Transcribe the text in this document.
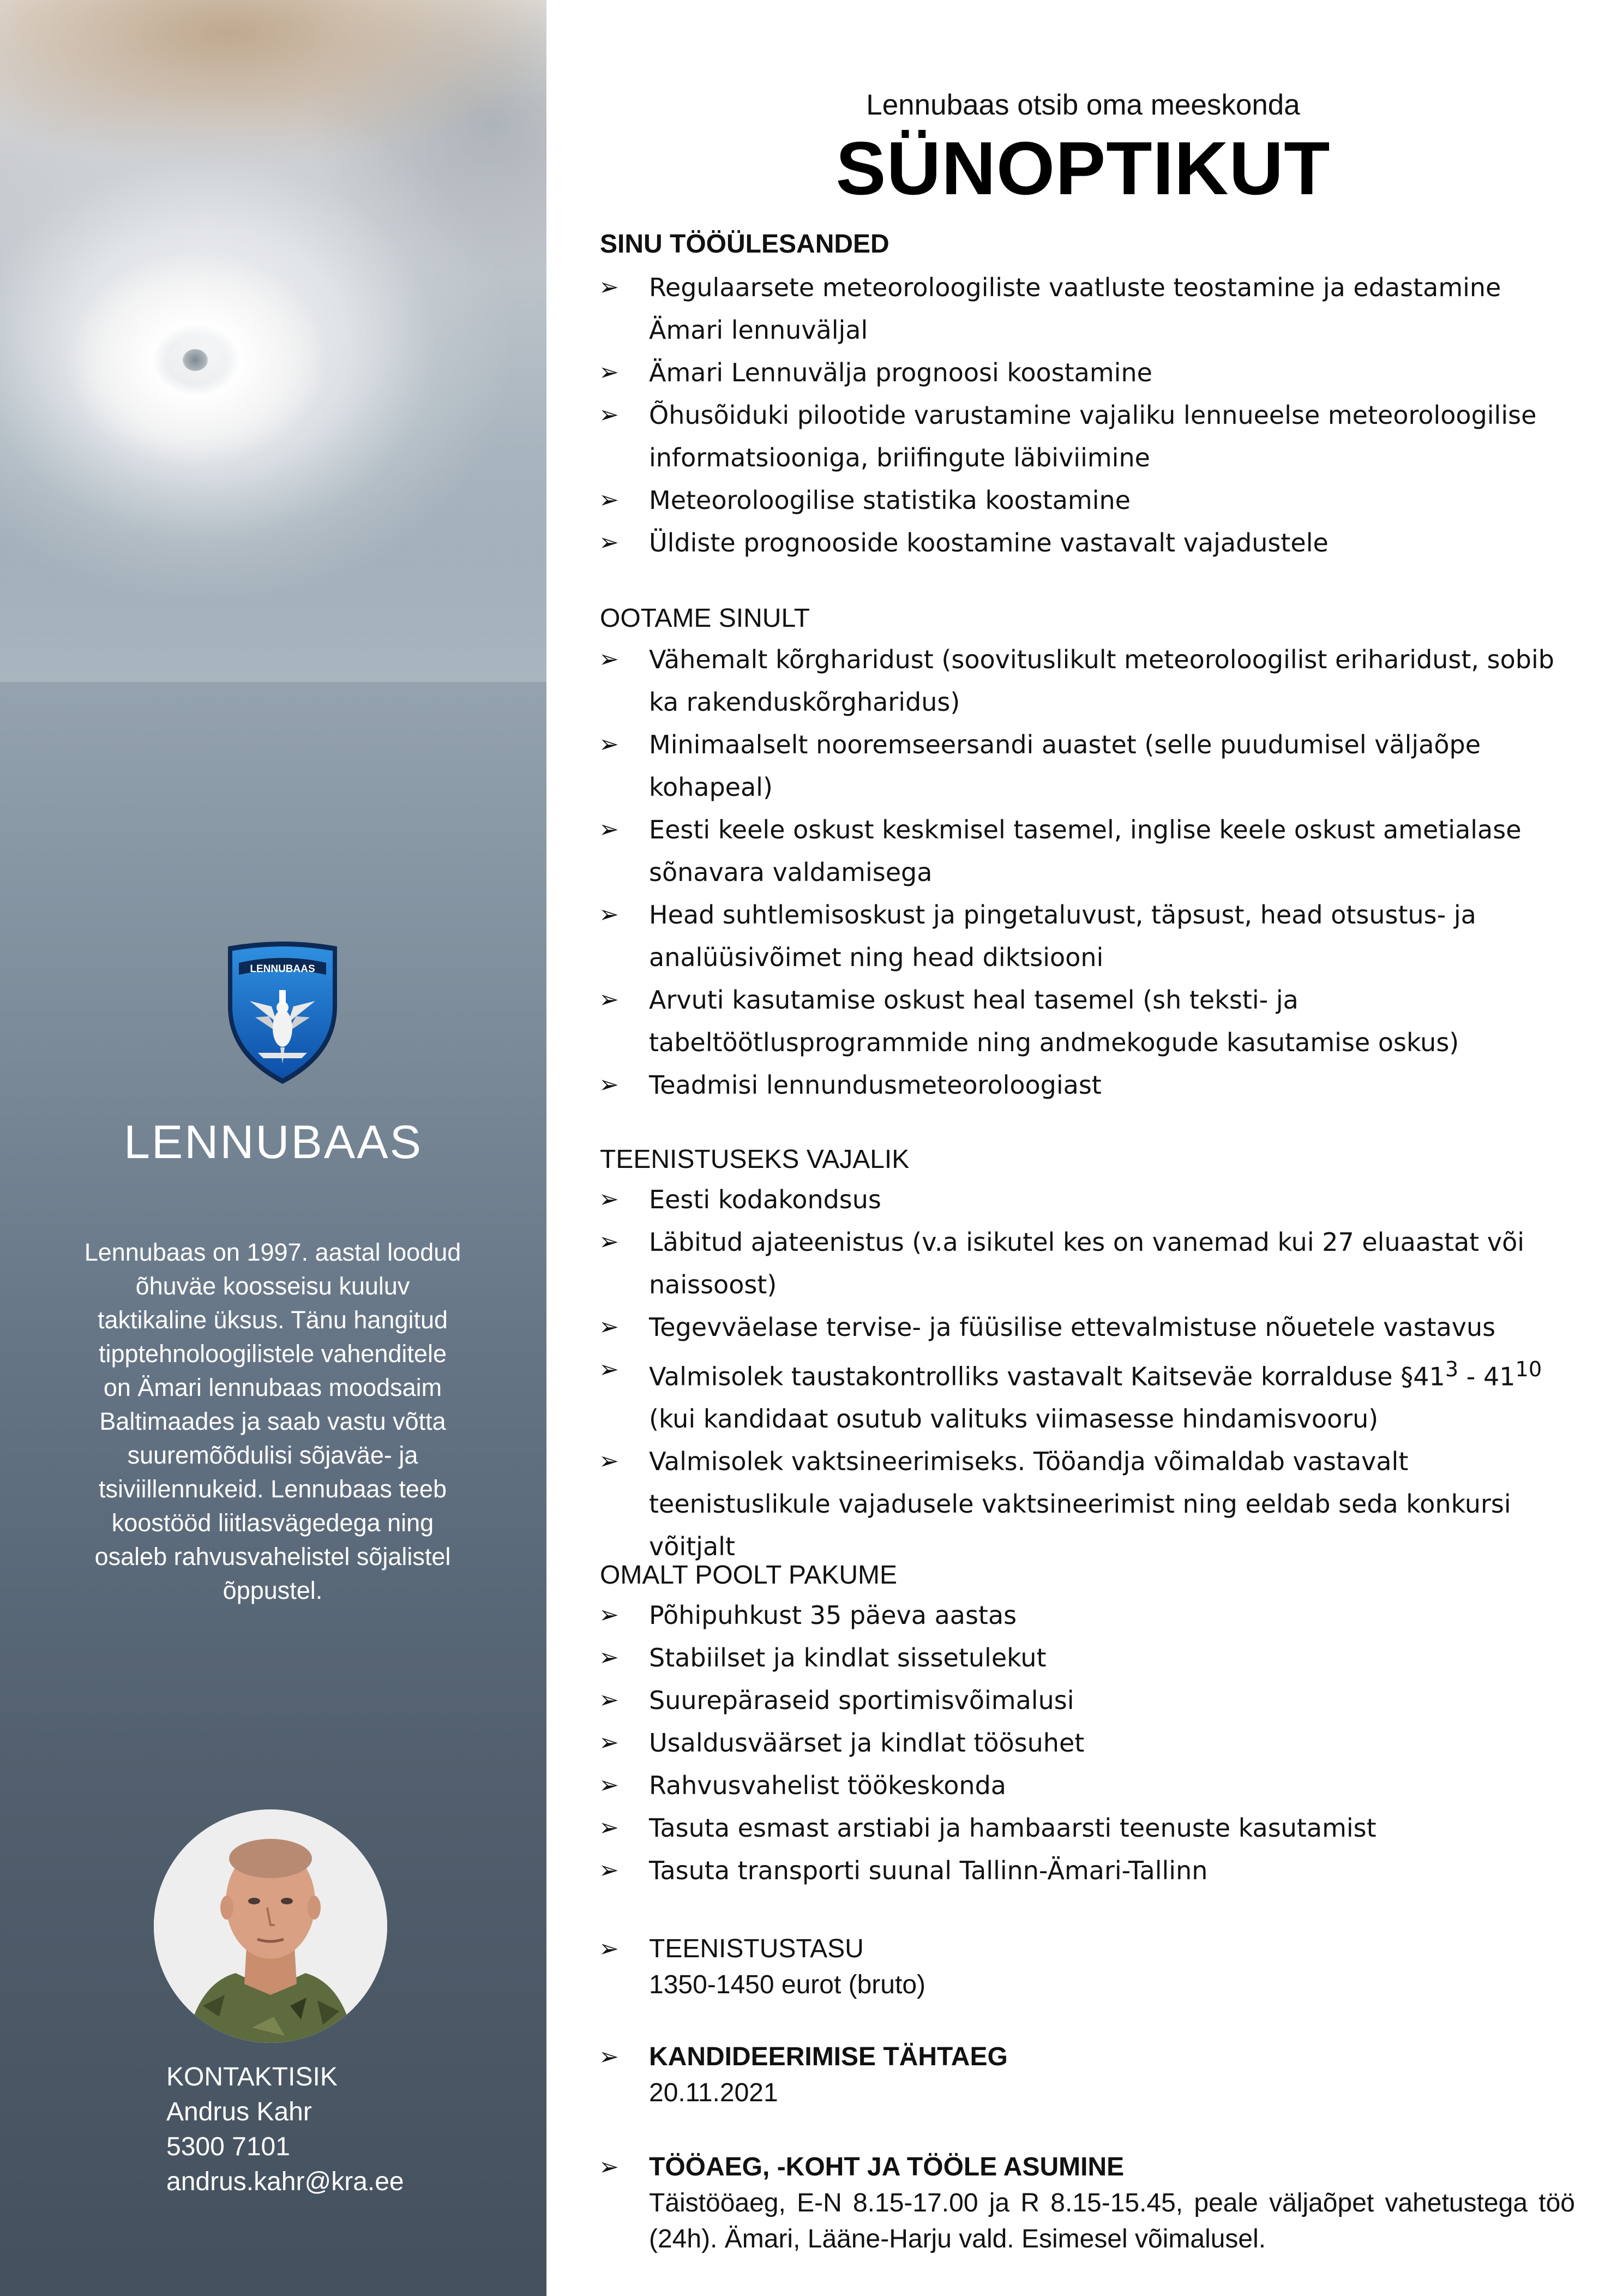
LENNUBAAS
LENNUBAAS
Lennubaas on 1997. aastal loodud õhuväe koosseisu kuuluv taktikaline üksus. Tänu hangitud tipptehnoloogilistele vahenditele on Ämari lennubaas moodsaim Baltimaades ja saab vastu võtta suuremõõdulisi sõjaväe- ja tsiviillennukeid. Lennubaas teeb koostööd liitlasvägedega ning osaleb rahvusvahelistel sõjalistel õppustel.
KONTAKTISIK
Andrus Kahr
5300 7101
andrus.kahr@kra.ee
Lennubaas otsib oma meeskonda
SÜNOPTIKUT
SINU TÖÖÜLESANDED
➢	Regulaarsete meteoroloogiliste vaatluste teostamine ja edastamine Ämari lennuväljal
➢	Ämari Lennuvälja prognoosi koostamine
➢	Õhusõiduki pilootide varustamine vajaliku lennueelse meteoroloogilise informatsiooniga, briifingute läbiviimine
➢	Meteoroloogilise statistika koostamine
➢	Üldiste prognooside koostamine vastavalt vajadustele
OOTAME SINULT
➢	Vähemalt kõrgharidust (soovituslikult meteoroloogilist eriharidust, sobib ka rakenduskõrgharidus)
➢	Minimaalselt nooremseersandi auastet (selle puudumisel väljaõpe kohapeal)
➢	Eesti keele oskust keskmisel tasemel, inglise keele oskust ametialase sõnavara valdamisega
➢	Head suhtlemisoskust ja pingetaluvust, täpsust, head otsustus- ja analüüsivõimet ning head diktsiooni
➢	Arvuti kasutamise oskust heal tasemel (sh teksti- ja tabeltöötlusprogrammide ning andmekogude kasutamise oskus)
➢	Teadmisi lennundusmeteoroloogiast
TEENISTUSEKS VAJALIK
➢	Eesti kodakondsus
➢	Läbitud ajateenistus (v.a isikutel kes on vanemad kui 27 eluaastat või naissoost)
➢	Tegevväelase tervise- ja füüsilise ettevalmistuse nõuetele vastavus
➢	Valmisolek taustakontrolliks vastavalt Kaitseväe korralduse $\S 41^3 - 41^{10}$ (kui kandidaat osutub valituks viimasesse hindamisvooru)
➢	Valmisolek vaktsineerimiseks. Tööandja võimaldab vastavalt teenistuslikule vajadusele vaktsineerimist ning eeldab seda konkursi võitjalt
OMALT POOLT PAKUME
➢	Põhipuhkust 35 päeva aastas
➢	Stabiilset ja kindlat sissetulekut
➢	Suurepäraseid sportimisvõimalusi
➢	Usaldusväärset ja kindlat töösuhet
➢	Rahvusvahelist töökeskonda
➢	Tasuta esmast arstiabi ja hambaarsti teenuste kasutamist
➢	Tasuta transporti suunal Tallinn-Ämari-Tallinn
➢ TEENISTUSTASU
1350-1450 eurot (bruto)
➢ KANDIDEERIMISE TÄHTAEG
20.11.2021
➢ TÖÖAEG, -KOHT JA TÖÖLE ASUMINE
Täistööaeg, E-N 8.15-17.00 ja R 8.15-15.45, peale väljaõpet vahetustega töö (24h). Ämari, Lääne-Harju vald. Esimesel võimalusel.
